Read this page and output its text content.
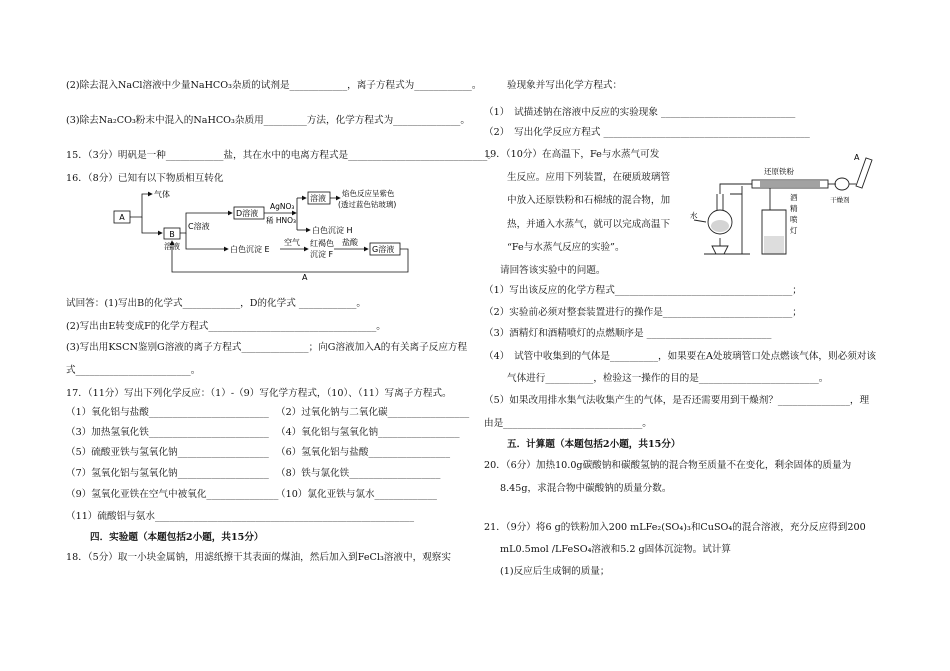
(2)除去混入NaCl溶液中少量NaHCO₃杂质的试剂是____________，离子方程式为____________。
(3)除去Na₂CO₃粉末中混入的NaHCO₃杂质用_________方法，化学方程式为______________。
15．（3分）明矾是一种____________盐，其在水中的电离方程式是_____________________________。
16．（8分）已知有以下物质相互转化
A
气体
B
溶液
C溶液
D溶液
AgNO₃
稀 HNO₃
溶液
焰色反应呈紫色
(透过蓝色钴玻璃)
白色沉淀 H
白色沉淀 E
空气 红褐色
沉淀 F
盐酸
G溶液
A
试回答：(1)写出B的化学式____________，D的化学式 ____________。
(2)写出由E转变成F的化学方程式___________________________________。
(3)写出用KSCN鉴别G溶液的离子方程式______________；向G溶液加入A的有关离子反应方程
式________________________。
17．（11分）写出下列化学反应：（1）-（9）写化学方程式，（10）、（11）写离子方程式。
（1）氧化铝与盐酸_________________________ （2）过氧化钠与二氧化碳_________________
（3）加热氢氧化铁_________________________ （4）氧化铝与氢氧化钠_________________
（5）硫酸亚铁与氢氧化钠___________________ （6）氢氧化铝与盐酸_________________
（7）氢氧化铝与氢氧化钠___________________ （8）铁与氯化铁___________________
（9）氢氧化亚铁在空气中被氧化_______________
（10）氯化亚铁与氯水_____________
（11）硫酸铝与氨水______________________________________________________
四．实验题（本题包括2小题，共15分）
18．（5分）取一小块金属钠，用滤纸擦干其表面的煤油，然后加入到FeCl₃溶液中，观察实
验现象并写出化学方程式：
（1）　试描述钠在溶液中反应的实验现象 ____________________________
（2）　写出化学反应方程式 ___________________________________________
19．（10分）在高温下，Fe与水蒸气可发
生反应。应用下列装置，在硬质玻璃管
中放入还原铁粉和石棉绒的混合物，加
热，并通入水蒸气，就可以完成高温下
“Fe与水蒸气反应的实验”。
请回答该实验中的问题。
还原铁粉
水
酒
精
喷
灯
干燥剂
A
（1）写出该反应的化学方程式_____________________________________；
（2）实验前必须对整套装置进行的操作是___________________________；
（3）酒精灯和酒精喷灯的点燃顺序是 __________________________
（4）　试管中收集到的气体是__________，如果要在A处玻璃管口处点燃该气体，则必须对该
气体进行__________，检验这一操作的目的是_________________________。
（5）如果改用排水集气法收集产生的气体，是否还需要用到干燥剂？_______________，理
由是_____________________________。
五．计算题（本题包括2小题，共15分）
20．（6分）加热10.0g碳酸钠和碳酸氢钠的混合物至质量不在变化，剩余固体的质量为
8.45g，求混合物中碳酸钠的质量分数。
21．（9分）将6 g的铁粉加入200 mLFe₂(SO₄)₃和CuSO₄的混合溶液，充分反应得到200
mL0.5mol /LFeSO₄溶液和5.2 g固体沉淀物。试计算
(1)反应后生成铜的质量；
